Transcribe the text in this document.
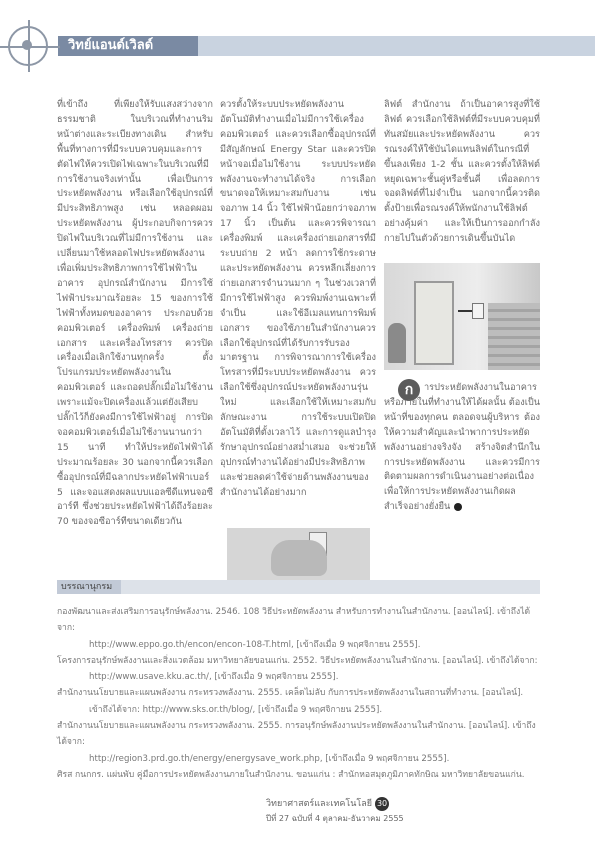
วิทย์แอนด์เวิลด์

ที่เข้าถึง ที่เพียงให้รับแสงสว่างจากธรรมชาติ ในบริเวณที่ทำงานริมหน้าต่างและระเบียงทางเดิน สำหรับพื้นที่ทางการที่มีระบบควบคุมและการตัดไฟให้ควรเปิดไฟเฉพาะในบริเวณที่มีการใช้งานจริงเท่านั้น เพื่อเป็นการประหยัดพลังงาน หรือเลือกใช้อุปกรณ์ที่มีประสิทธิภาพสูง เช่น หลอดผอมประหยัดพลังงาน ผู้ประกอบกิจการควรปิดไฟในบริเวณที่ไม่มีการใช้งาน และเปลี่ยนมาใช้หลอดไฟประหยัดพลังงานเพื่อเพิ่มประสิทธิภาพการใช้ไฟฟ้าในอาคาร อุปกรณ์สำนักงาน มีการใช้ไฟฟ้าประมาณร้อยละ 15 ของการใช้ไฟฟ้าทั้งหมดของอาคาร ประกอบด้วยคอมพิวเตอร์ เครื่องพิมพ์ เครื่องถ่ายเอกสาร และเครื่องโทรสาร ควรปิดเครื่องเมื่อเลิกใช้งานทุกครั้ง ตั้งโปรแกรมประหยัดพลังงานในคอมพิวเตอร์ และถอดปลั๊กเมื่อไม่ใช้งาน เพราะแม้จะปิดเครื่องแล้วแต่ยังเสียบปลั๊กไว้ก็ยังคงมีการใช้ไฟฟ้าอยู่ การปิดจอคอมพิวเตอร์เมื่อไม่ใช้งานนานกว่า 15 นาที ทำให้ประหยัดไฟฟ้าได้ประมาณร้อยละ 30 นอกจากนี้ควรเลือกซื้ออุปกรณ์ที่มีฉลากประหยัดไฟฟ้าเบอร์ 5 และจอแสดงผลแบบแอลซีดีแทนจอซีอาร์ที ซึ่งช่วยประหยัดไฟฟ้าได้ถึงร้อยละ 70 ของจอซีอาร์ทีขนาดเดียวกัน

ควรตั้งให้ระบบประหยัดพลังงานอัตโนมัติทำงานเมื่อไม่มีการใช้เครื่องคอมพิวเตอร์ และควรเลือกซื้ออุปกรณ์ที่มีสัญลักษณ์ Energy Star และควรปิดหน้าจอเมื่อไม่ใช้งาน ระบบประหยัดพลังงานจะทำงานได้จริง การเลือกขนาดจอให้เหมาะสมกับงาน เช่น จอภาพ 14 นิ้ว ใช้ไฟฟ้าน้อยกว่าจอภาพ 17 นิ้ว เป็นต้น และควรพิจารณาเครื่องพิมพ์ และเครื่องถ่ายเอกสารที่มีระบบถ่าย 2 หน้า ลดการใช้กระดาษ และประหยัดพลังงาน ควรหลีกเลี่ยงการถ่ายเอกสารจำนวนมาก ๆ ในช่วงเวลาที่มีการใช้ไฟฟ้าสูง ควรพิมพ์งานเฉพาะที่จำเป็น และใช้อีเมลแทนการพิมพ์เอกสาร ของใช้ภายในสำนักงานควรเลือกใช้อุปกรณ์ที่ได้รับการรับรองมาตรฐาน การพิจารณาการใช้เครื่องโทรสารที่มีระบบประหยัดพลังงาน ควรเลือกใช้ซึ่งอุปกรณ์ประหยัดพลังงานรุ่นใหม่ และเลือกใช้ให้เหมาะสมกับลักษณะงาน การใช้ระบบเปิดปิดอัตโนมัติที่ตั้งเวลาไว้ และการดูแลบำรุงรักษาอุปกรณ์อย่างสม่ำเสมอ จะช่วยให้อุปกรณ์ทำงานได้อย่างมีประสิทธิภาพ และช่วยลดค่าใช้จ่ายด้านพลังงานของสำนักงานได้อย่างมาก

ลิฟต์ สำนักงาน ถ้าเป็นอาคารสูงที่ใช้ลิฟต์ ควรเลือกใช้ลิฟต์ที่มีระบบควบคุมที่ทันสมัยและประหยัดพลังงาน ควรรณรงค์ให้ใช้บันไดแทนลิฟต์ในกรณีที่ขึ้นลงเพียง 1-2 ชั้น และควรตั้งให้ลิฟต์หยุดเฉพาะชั้นคู่หรือชั้นคี่ เพื่อลดการจอดลิฟต์ที่ไม่จำเป็น นอกจากนี้ควรติดตั้งป้ายเพื่อรณรงค์ให้พนักงานใช้ลิฟต์อย่างคุ้มค่า และให้เป็นการออกกำลังกายไปในตัวด้วยการเดินขึ้นบันได

ก	ารประหยัดพลังงานในอาคารหรือภายในที่ทำงานให้ได้ผลนั้น ต้องเป็นหน้าที่ของทุกคน ตลอดจนผู้บริหาร ต้องให้ความสำคัญและนำพาการประหยัดพลังงานอย่างจริงจัง สร้างจิตสำนึกในการประหยัดพลังงาน และควรมีการติดตามผลการดำเนินงานอย่างต่อเนื่อง เพื่อให้การประหยัดพลังงานเกิดผลสำเร็จอย่างยั่งยืน
บรรณานุกรม

กองพัฒนาและส่งเสริมการอนุรักษ์พลังงาน. 2546. 108 วิธีประหยัดพลังงาน สำหรับการทำงานในสำนักงาน. [ออนไลน์]. เข้าถึงได้จาก:
http://www.eppo.go.th/encon/encon-108-T.html, [เข้าถึงเมื่อ 9 พฤศจิกายน 2555].

โครงการอนุรักษ์พลังงานและสิ่งแวดล้อม มหาวิทยาลัยขอนแก่น. 2552. วิธีประหยัดพลังงานในสำนักงาน. [ออนไลน์]. เข้าถึงได้จาก:
http://www.usave.kku.ac.th/, [เข้าถึงเมื่อ 9 พฤศจิกายน 2555].

สำนักงานนโยบายและแผนพลังงาน กระทรวงพลังงาน. 2555. เคล็ดไม่ลับ กับการประหยัดพลังงานในสถานที่ทำงาน. [ออนไลน์].
เข้าถึงได้จาก: http://www.sks.or.th/blog/, [เข้าถึงเมื่อ 9 พฤศจิกายน 2555].

สำนักงานนโยบายและแผนพลังงาน กระทรวงพลังงาน. 2555. การอนุรักษ์พลังงานประหยัดพลังงานในสำนักงาน. [ออนไลน์]. เข้าถึงได้จาก:
http://region3.prd.go.th/energy/energysave_work.php, [เข้าถึงเมื่อ 9 พฤศจิกายน 2555].

ศิรส กนกกร. แผ่นพับ คู่มือการประหยัดพลังงานภายในสำนักงาน. ขอนแก่น : สำนักหอสมุดภูมิภาคทักษิณ มหาวิทยาลัยขอนแก่น.

วิทยาศาสตร์และเทคโนโลยี 30
ปีที่ 27 ฉบับที่ 4 ตุลาคม-ธันวาคม 2555
